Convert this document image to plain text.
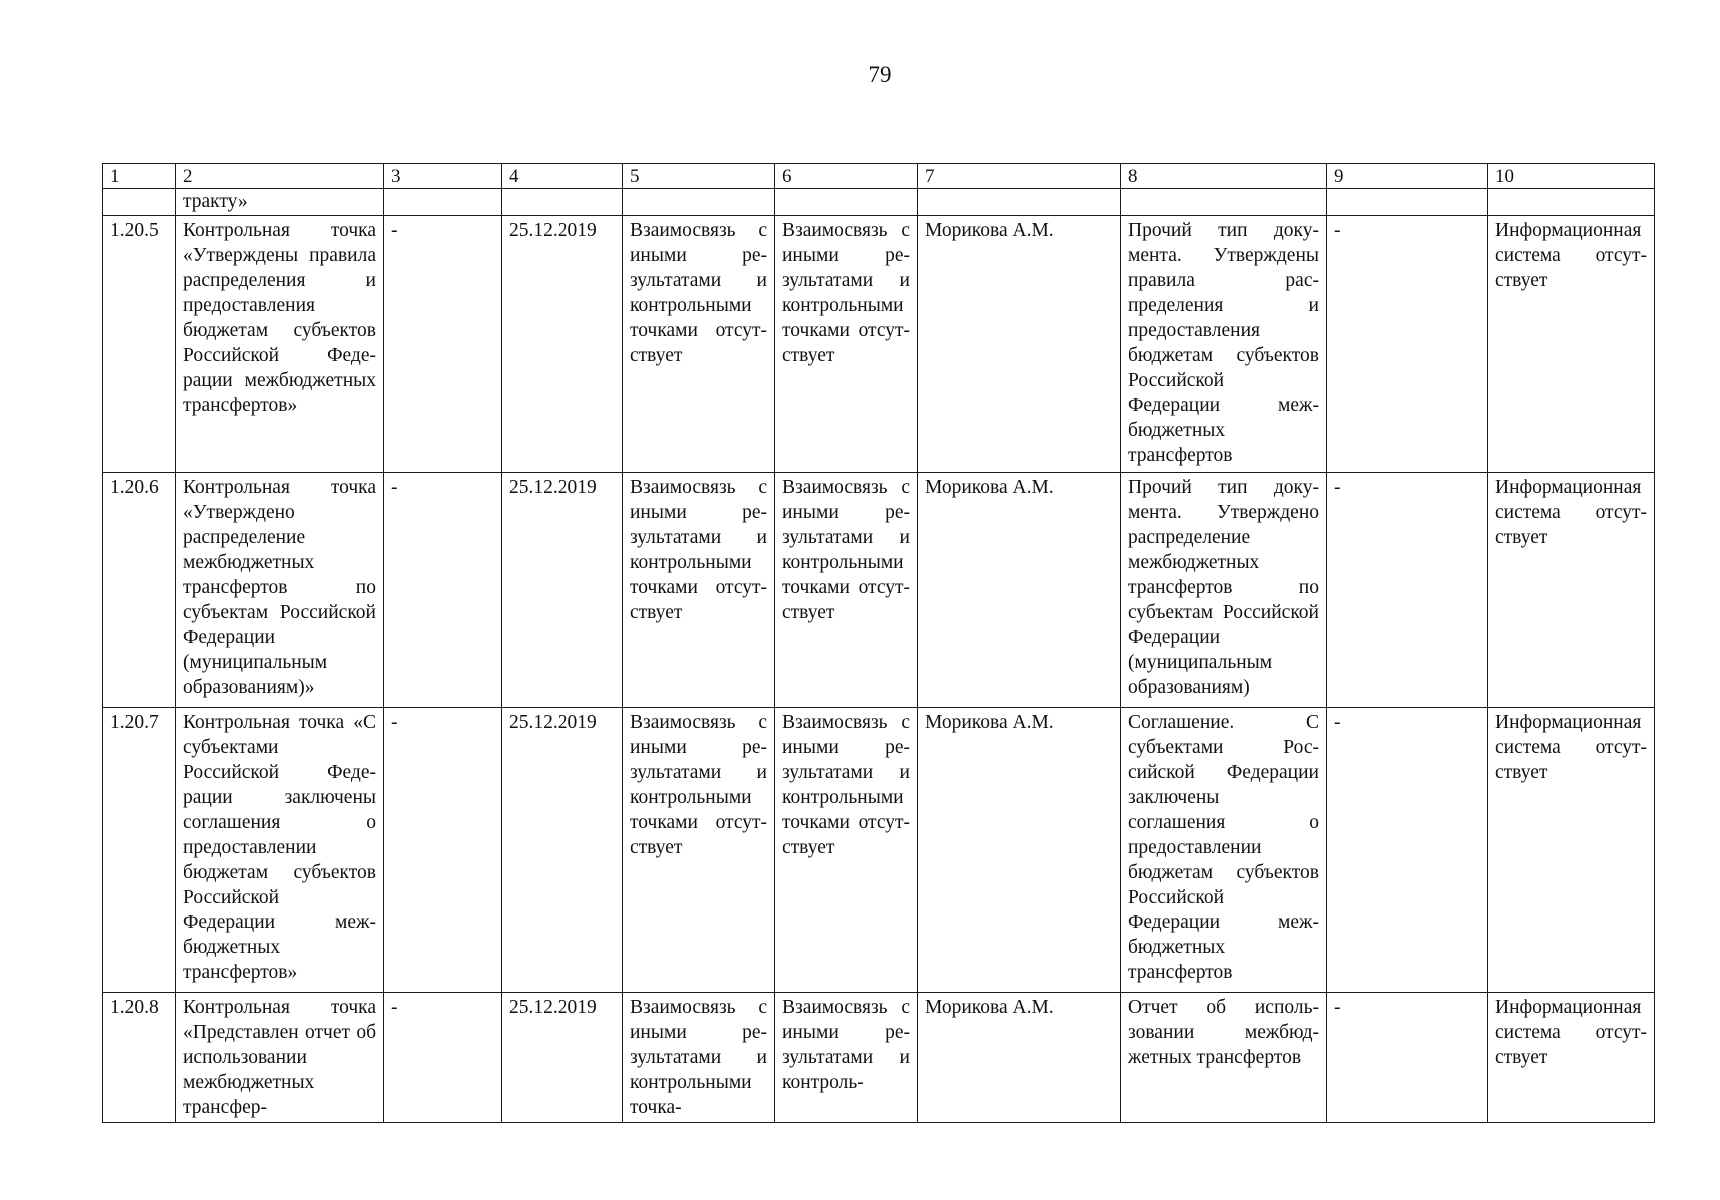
79
1	2	3	4	5	6	7	8	9	10
	тракту»								
1.20.5	Контрольная точка «Утверждены правила распределения и предоставления бюджетам субъектов Российской Федерации межбюджетных трансфертов»	-	25.12.2019	Взаимосвязь с иными результатами и контрольными точками отсутствует	Взаимосвязь с иными результатами и контрольными точками отсутствует	Морикова А.М.	Прочий тип документа. Утверждены правила распределения и предоставления бюджетам субъектов Российской Федерации межбюджетных трансфертов	-	Информационная система отсутствует
1.20.6	Контрольная точка «Утверждено распределение межбюджетных трансфертов по субъектам Российской Федерации (муниципальным образованиям)»	-	25.12.2019	Взаимосвязь с иными результатами и контрольными точками отсутствует	Взаимосвязь с иными результатами и контрольными точками отсутствует	Морикова А.М.	Прочий тип документа. Утверждено распределение межбюджетных трансфертов по субъектам Российской Федерации (муниципальным образованиям)	-	Информационная система отсутствует
1.20.7	Контрольная точка «С субъектами Российской Федерации заключены соглашения о предоставлении бюджетам субъектов Российской Федерации межбюджетных трансфертов»	-	25.12.2019	Взаимосвязь с иными результатами и контрольными точками отсутствует	Взаимосвязь с иными результатами и контрольными точками отсутствует	Морикова А.М.	Соглашение. С субъектами Российской Федерации заключены соглашения о предоставлении бюджетам субъектов Российской Федерации межбюджетных трансфертов	-	Информационная система отсутствует
1.20.8	Контрольная точка «Представлен отчет об использовании межбюджетных трансфер-	-	25.12.2019	Взаимосвязь с иными результатами и контрольными точка-	Взаимосвязь с иными результатами и контроль-	Морикова А.М.	Отчет об использовании межбюджетных трансфертов	-	Информационная система отсутствует
